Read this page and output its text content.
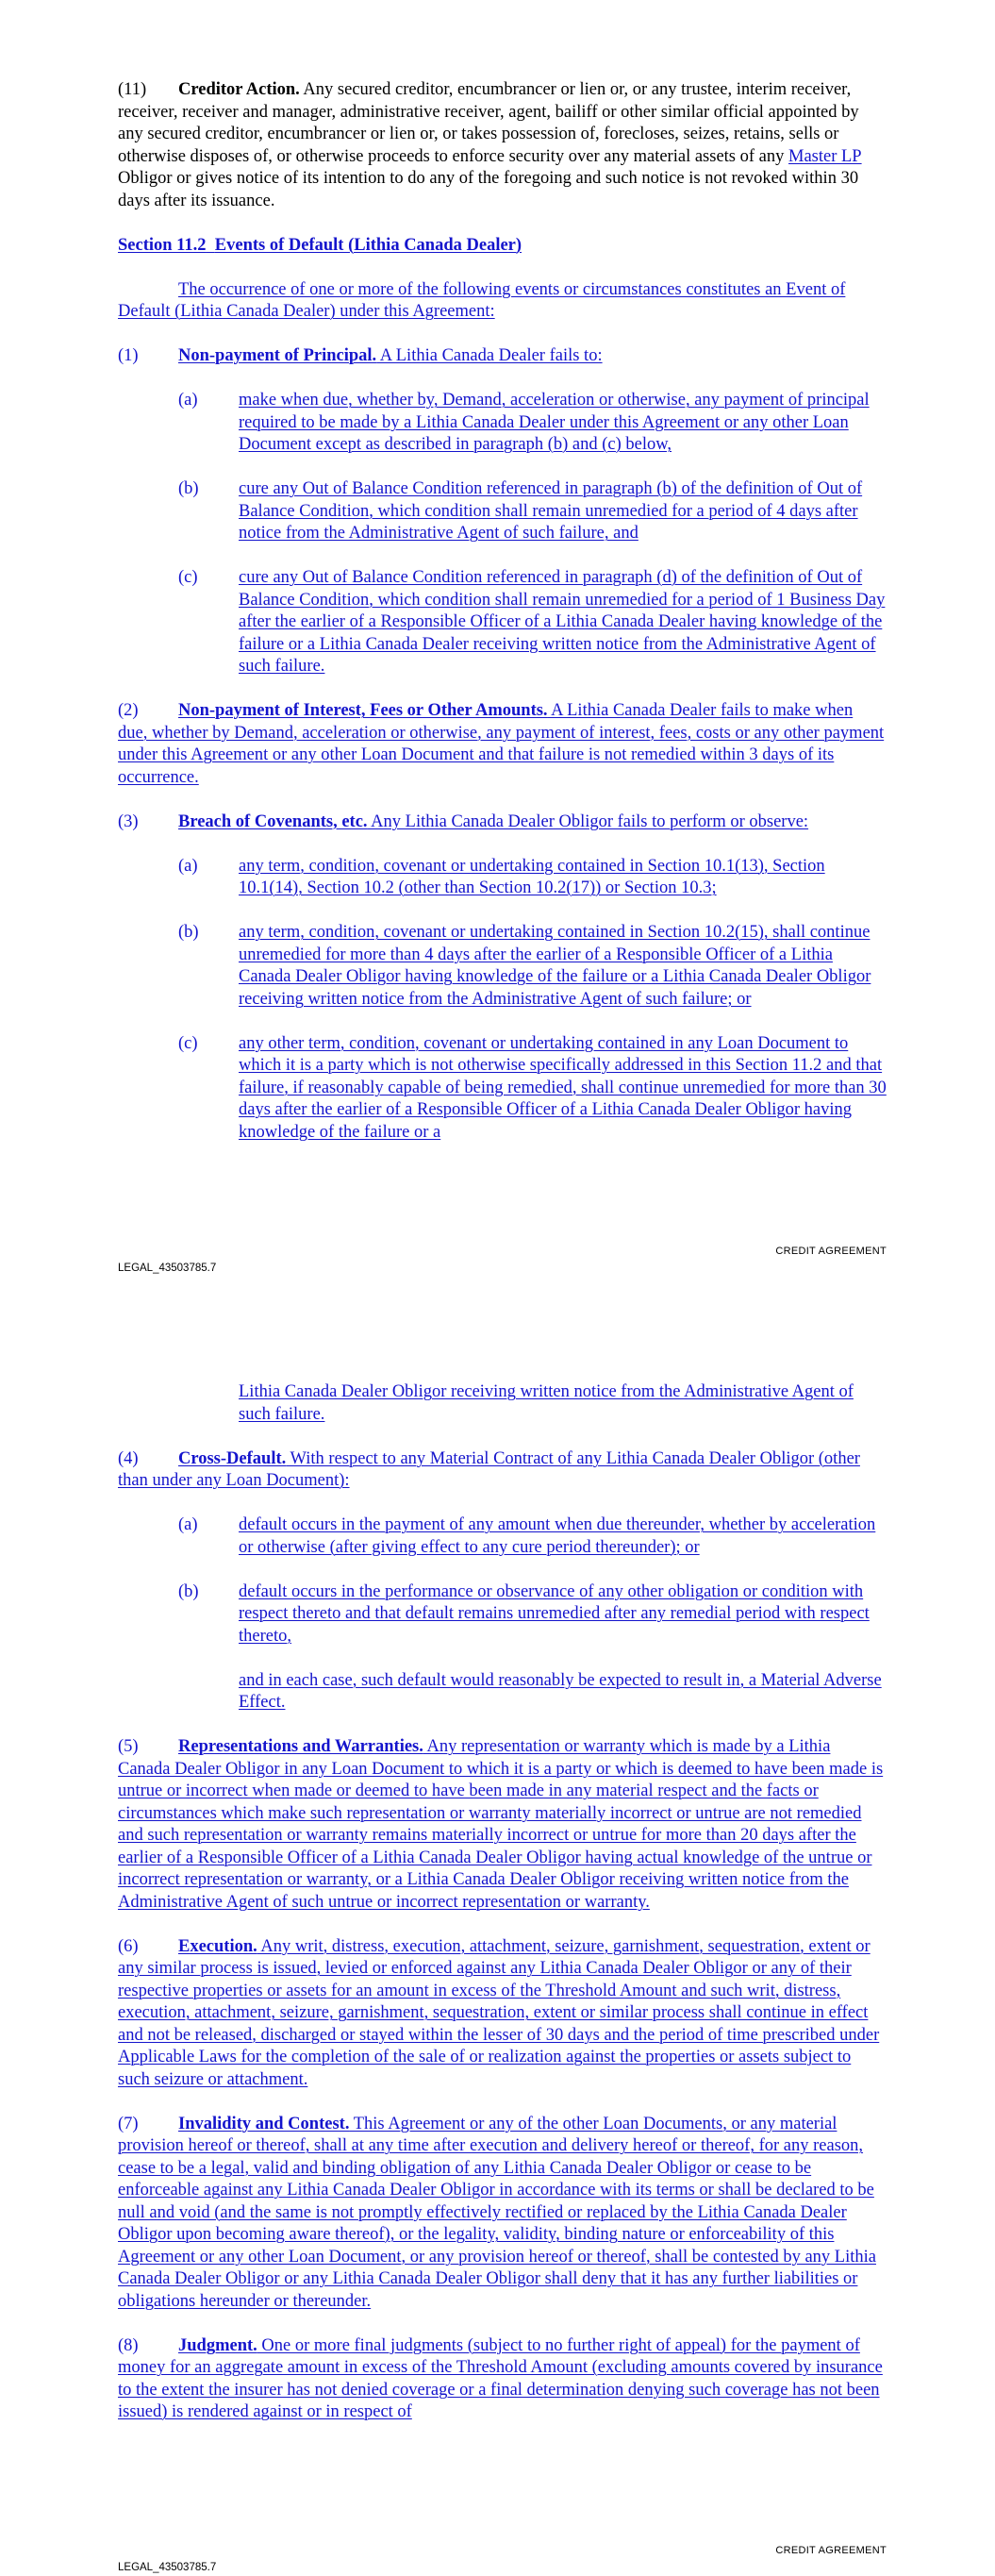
(11) Creditor Action. Any secured creditor, encumbrancer or lien or, or any trustee, interim receiver, receiver, receiver and manager, administrative receiver, agent, bailiff or other similar official appointed by any secured creditor, encumbrancer or lien or, or takes possession of, forecloses, seizes, retains, sells or otherwise disposes of, or otherwise proceeds to enforce security over any material assets of any Master LP Obligor or gives notice of its intention to do any of the foregoing and such notice is not revoked within 30 days after its issuance.

Section 11.2 Events of Default (Lithia Canada Dealer)

The occurrence of one or more of the following events or circumstances constitutes an Event of Default (Lithia Canada Dealer) under this Agreement:

(1) Non-payment of Principal. A Lithia Canada Dealer fails to:

(a) make when due, whether by, Demand, acceleration or otherwise, any payment of principal required to be made by a Lithia Canada Dealer under this Agreement or any other Loan Document except as described in paragraph (b) and (c) below,

(b) cure any Out of Balance Condition referenced in paragraph (b) of the definition of Out of Balance Condition, which condition shall remain unremedied for a period of 4 days after notice from the Administrative Agent of such failure, and

(c) cure any Out of Balance Condition referenced in paragraph (d) of the definition of Out of Balance Condition, which condition shall remain unremedied for a period of 1 Business Day after the earlier of a Responsible Officer of a Lithia Canada Dealer having knowledge of the failure or a Lithia Canada Dealer receiving written notice from the Administrative Agent of such failure.

(2) Non-payment of Interest, Fees or Other Amounts. A Lithia Canada Dealer fails to make when due, whether by Demand, acceleration or otherwise, any payment of interest, fees, costs or any other payment under this Agreement or any other Loan Document and that failure is not remedied within 3 days of its occurrence.

(3) Breach of Covenants, etc. Any Lithia Canada Dealer Obligor fails to perform or observe:

(a) any term, condition, covenant or undertaking contained in Section 10.1(13), Section 10.1(14), Section 10.2 (other than Section 10.2(17)) or Section 10.3;

(b) any term, condition, covenant or undertaking contained in Section 10.2(15), shall continue unremedied for more than 4 days after the earlier of a Responsible Officer of a Lithia Canada Dealer Obligor having knowledge of the failure or a Lithia Canada Dealer Obligor receiving written notice from the Administrative Agent of such failure; or

(c) any other term, condition, covenant or undertaking contained in any Loan Document to which it is a party which is not otherwise specifically addressed in this Section 11.2 and that failure, if reasonably capable of being remedied, shall continue unremedied for more than 30 days after the earlier of a Responsible Officer of a Lithia Canada Dealer Obligor having knowledge of the failure or a

CREDIT AGREEMENT
LEGAL_43503785.7

Lithia Canada Dealer Obligor receiving written notice from the Administrative Agent of such failure.

(4) Cross-Default. With respect to any Material Contract of any Lithia Canada Dealer Obligor (other than under any Loan Document):

(a) default occurs in the payment of any amount when due thereunder, whether by acceleration or otherwise (after giving effect to any cure period thereunder); or

(b) default occurs in the performance or observance of any other obligation or condition with respect thereto and that default remains unremedied after any remedial period with respect thereto,

and in each case, such default would reasonably be expected to result in, a Material Adverse Effect.

(5) Representations and Warranties. Any representation or warranty which is made by a Lithia Canada Dealer Obligor in any Loan Document to which it is a party or which is deemed to have been made is untrue or incorrect when made or deemed to have been made in any material respect and the facts or circumstances which make such representation or warranty materially incorrect or untrue are not remedied and such representation or warranty remains materially incorrect or untrue for more than 20 days after the earlier of a Responsible Officer of a Lithia Canada Dealer Obligor having actual knowledge of the untrue or incorrect representation or warranty, or a Lithia Canada Dealer Obligor receiving written notice from the Administrative Agent of such untrue or incorrect representation or warranty.

(6) Execution. Any writ, distress, execution, attachment, seizure, garnishment, sequestration, extent or any similar process is issued, levied or enforced against any Lithia Canada Dealer Obligor or any of their respective properties or assets for an amount in excess of the Threshold Amount and such writ, distress, execution, attachment, seizure, garnishment, sequestration, extent or similar process shall continue in effect and not be released, discharged or stayed within the lesser of 30 days and the period of time prescribed under Applicable Laws for the completion of the sale of or realization against the properties or assets subject to such seizure or attachment.

(7) Invalidity and Contest. This Agreement or any of the other Loan Documents, or any material provision hereof or thereof, shall at any time after execution and delivery hereof or thereof, for any reason, cease to be a legal, valid and binding obligation of any Lithia Canada Dealer Obligor or cease to be enforceable against any Lithia Canada Dealer Obligor in accordance with its terms or shall be declared to be null and void (and the same is not promptly effectively rectified or replaced by the Lithia Canada Dealer Obligor upon becoming aware thereof), or the legality, validity, binding nature or enforceability of this Agreement or any other Loan Document, or any provision hereof or thereof, shall be contested by any Lithia Canada Dealer Obligor or any Lithia Canada Dealer Obligor shall deny that it has any further liabilities or obligations hereunder or thereunder.

(8) Judgment. One or more final judgments (subject to no further right of appeal) for the payment of money for an aggregate amount in excess of the Threshold Amount (excluding amounts covered by insurance to the extent the insurer has not denied coverage or a final determination denying such coverage has not been issued) is rendered against or in respect of

CREDIT AGREEMENT
LEGAL_43503785.7
